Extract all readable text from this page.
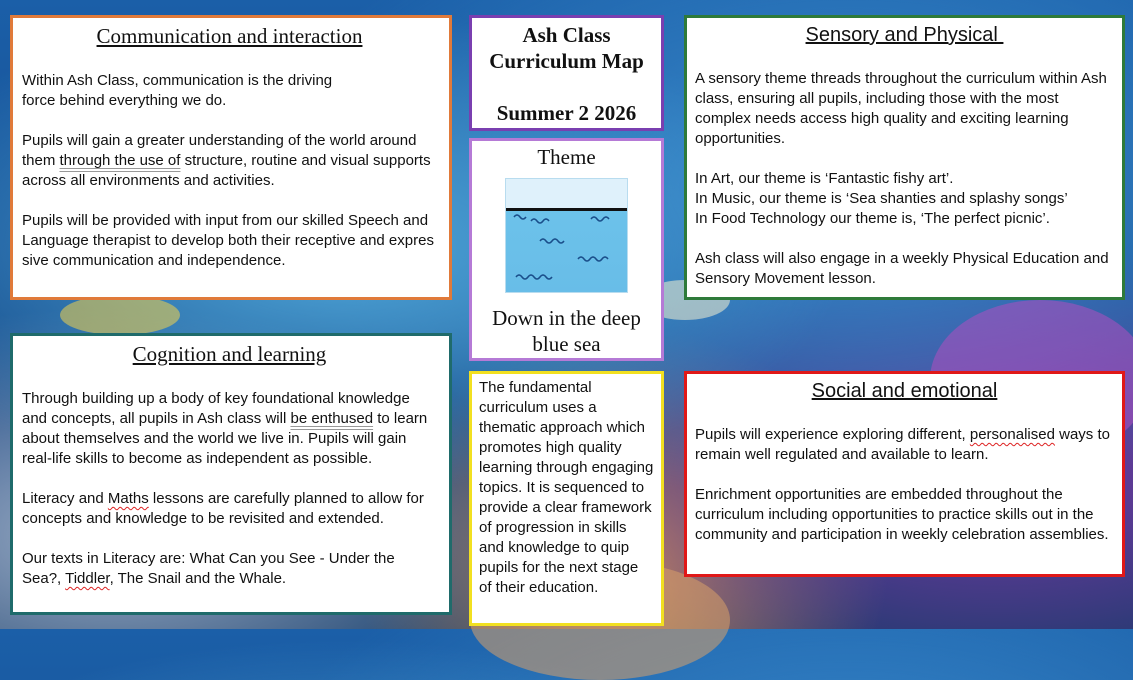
Communication and interaction

Within Ash Class, communication is the driving force behind everything we do.

Pupils will gain a greater understanding of the world around them through the use of structure, routine and visual supports across all environments and activities.

Pupils will be provided with input from our skilled Speech and Language therapist to develop both their receptive and expressive communication and independence.

Cognition and learning

Through building up a body of key foundational knowledge and concepts, all pupils in Ash class will be enthused to learn about themselves and the world we live in. Pupils will gain real-life skills to become as independent as possible.

Literacy and Maths lessons are carefully planned to allow for concepts and knowledge to be revisited and extended.

Our texts in Literacy are: What Can you See - Under the Sea?, Tiddler, The Snail and the Whale.

Ash Class
Curriculum Map
Summer 2 2026
Theme
Down in the deep blue sea

The fundamental curriculum uses a thematic approach which promotes high quality learning through engaging topics. It is sequenced to provide a clear framework of progression in skills and knowledge to quip pupils for the next stage of their education.

Sensory and Physical

A sensory theme threads throughout the curriculum within Ash class, ensuring all pupils, including those with the most complex needs access high quality and exciting learning opportunities.

In Art, our theme is ‘Fantastic fishy art’.
In Music, our theme is ‘Sea shanties and splashy songs’
In Food Technology our theme is, ‘The perfect picnic’.

Ash class will also engage in a weekly Physical Education and Sensory Movement lesson.

Social and emotional

Pupils will experience exploring different, personalised ways to remain well regulated and available to learn.

Enrichment opportunities are embedded throughout the curriculum including opportunities to practice skills out in the community and participation in weekly celebration assemblies.
